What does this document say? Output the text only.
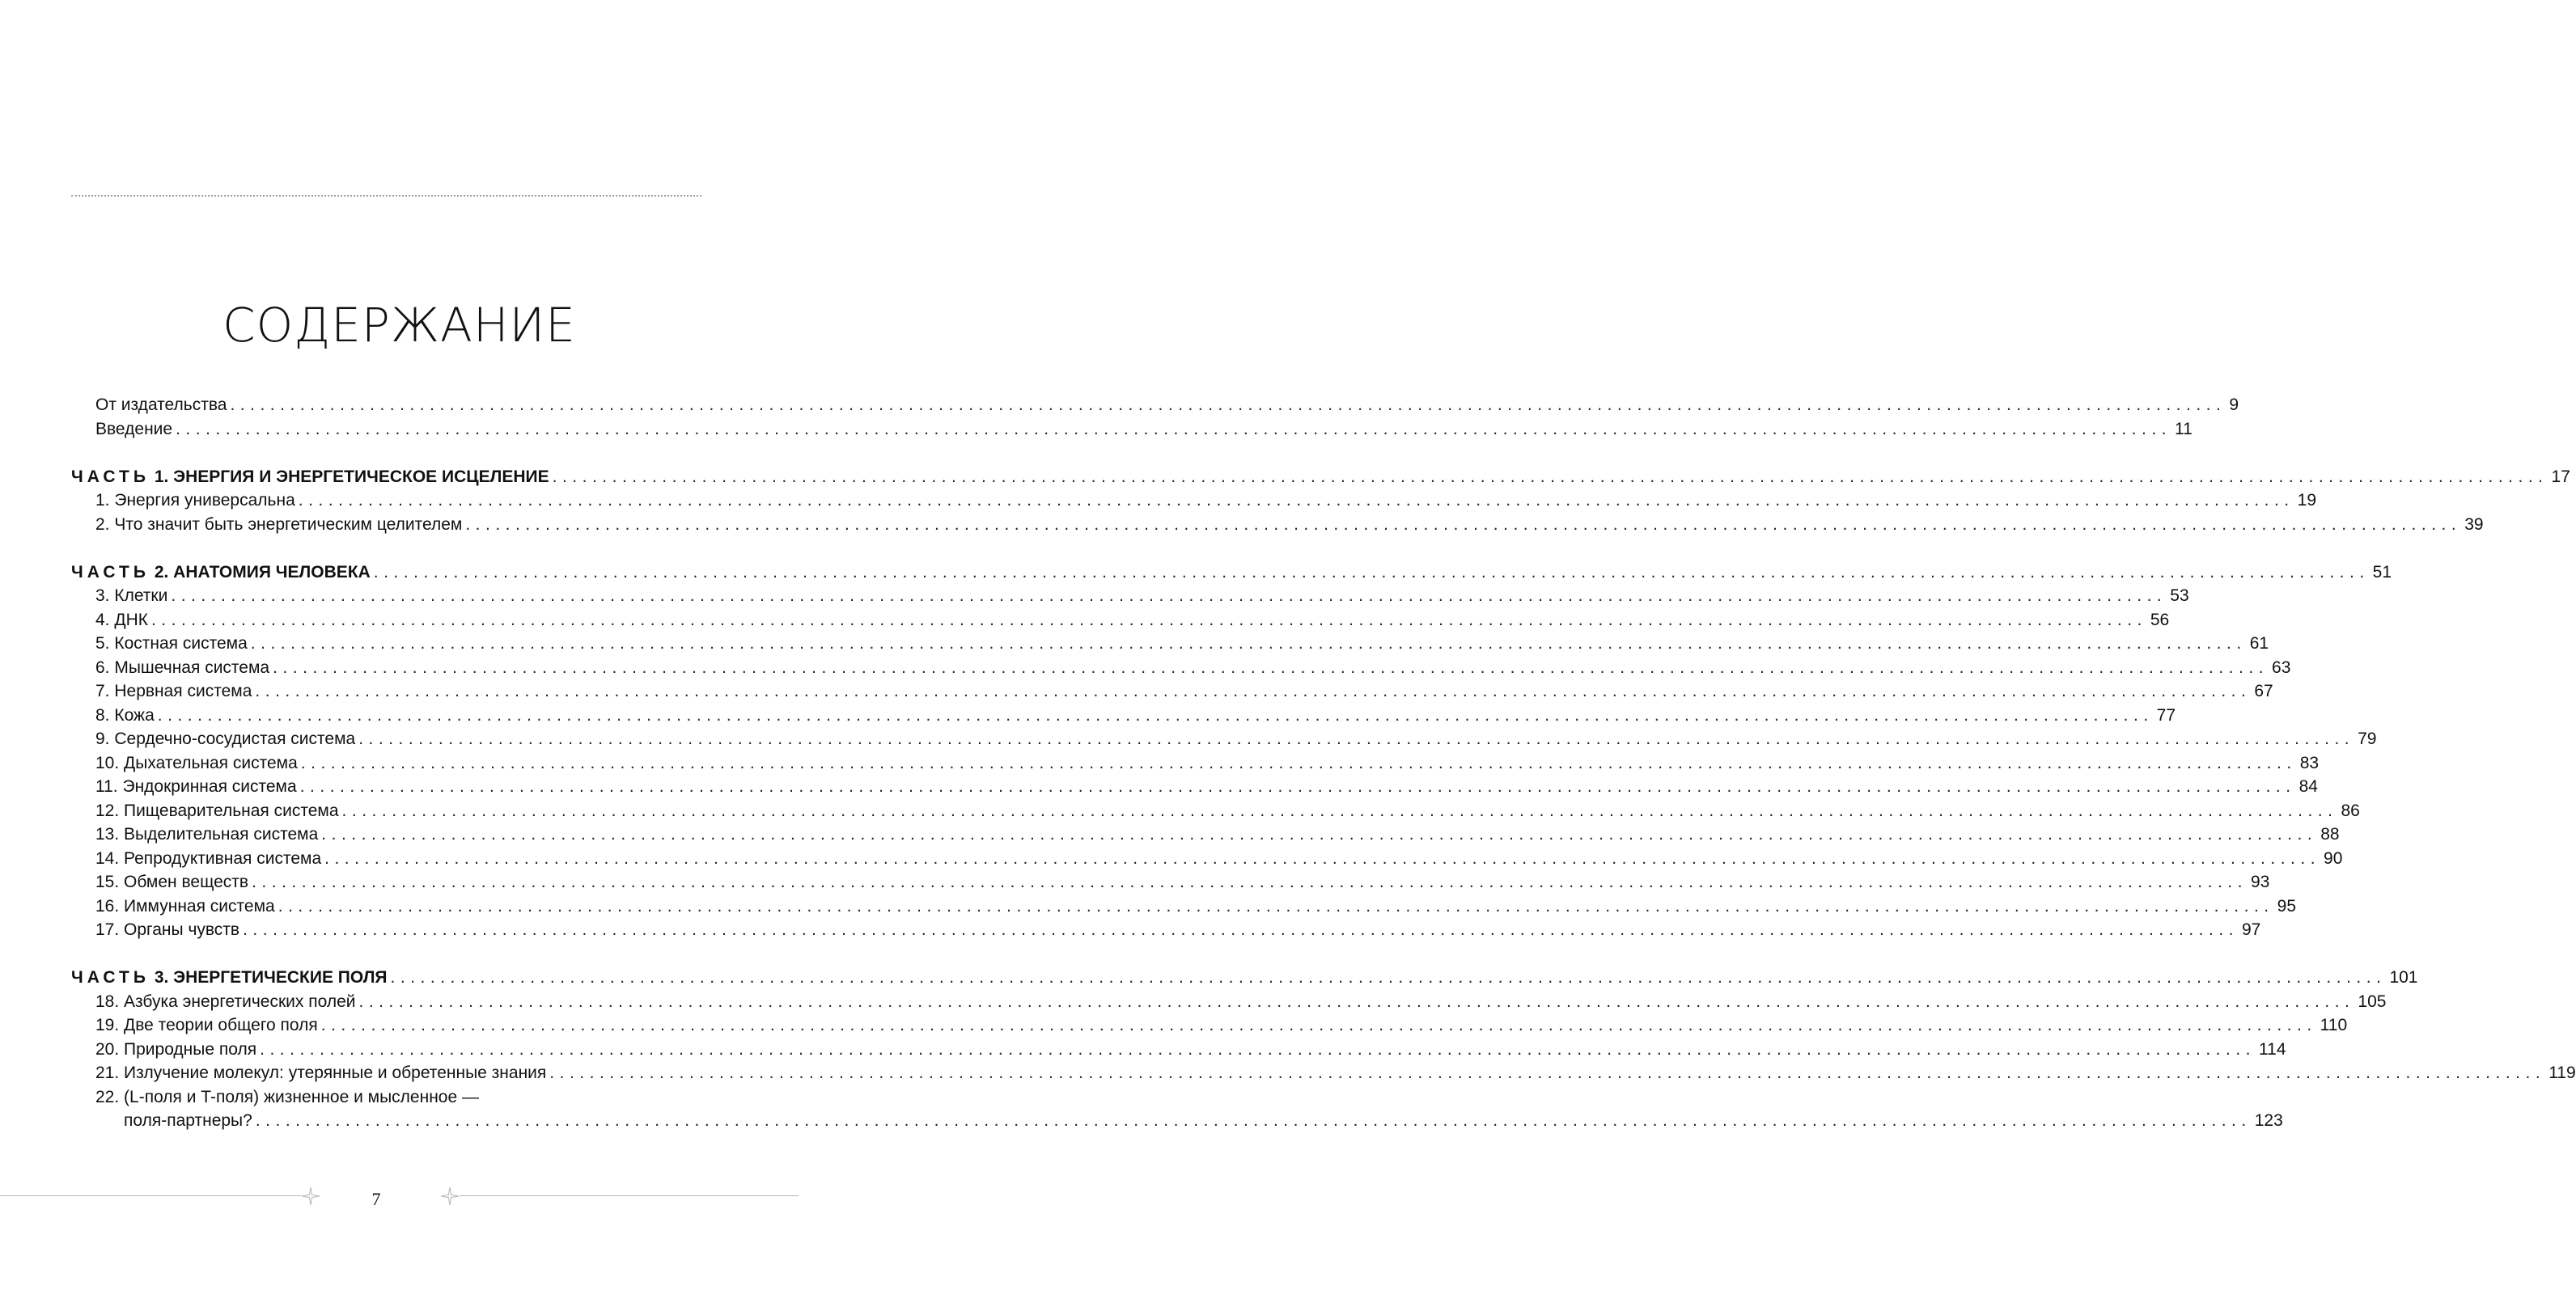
СОДЕРЖАНИЕ
От издательства ........................................................................................................................................................................................................ 9
Введение ........................................................................................................................................................................................................ 11
ЧАСТЬ 1. ЭНЕРГИЯ И ЭНЕРГЕТИЧЕСКОЕ ИСЦЕЛЕНИЕ ........................................................................................................................................................................................................ 17
1. Энергия универсальна ........................................................................................................................................................................................................ 19
2. Что значит быть энергетическим целителем ........................................................................................................................................................................................................ 39
ЧАСТЬ 2. АНАТОМИЯ ЧЕЛОВЕКА ........................................................................................................................................................................................................ 51
3. Клетки ........................................................................................................................................................................................................ 53
4. ДНК ........................................................................................................................................................................................................ 56
5. Костная система ........................................................................................................................................................................................................ 61
6. Мышечная система ........................................................................................................................................................................................................ 63
7. Нервная система ........................................................................................................................................................................................................ 67
8. Кожа ........................................................................................................................................................................................................ 77
9. Сердечно-сосудистая система ........................................................................................................................................................................................................ 79
10. Дыхательная система ........................................................................................................................................................................................................ 83
11. Эндокринная система ........................................................................................................................................................................................................ 84
12. Пищеварительная система ........................................................................................................................................................................................................ 86
13. Выделительная система ........................................................................................................................................................................................................ 88
14. Репродуктивная система ........................................................................................................................................................................................................ 90
15. Обмен веществ ........................................................................................................................................................................................................ 93
16. Иммунная система ........................................................................................................................................................................................................ 95
17. Органы чувств ........................................................................................................................................................................................................ 97
ЧАСТЬ 3. ЭНЕРГЕТИЧЕСКИЕ ПОЛЯ ........................................................................................................................................................................................................ 101
18. Азбука энергетических полей ........................................................................................................................................................................................................ 105
19. Две теории общего поля ........................................................................................................................................................................................................ 110
20. Природные поля ........................................................................................................................................................................................................ 114
21. Излучение молекул: утерянные и обретенные знания ........................................................................................................................................................................................................ 119
22. (L-поля и T-поля) жизненное и мысленное —
поля-партнеры? ........................................................................................................................................................................................................ 123
7
